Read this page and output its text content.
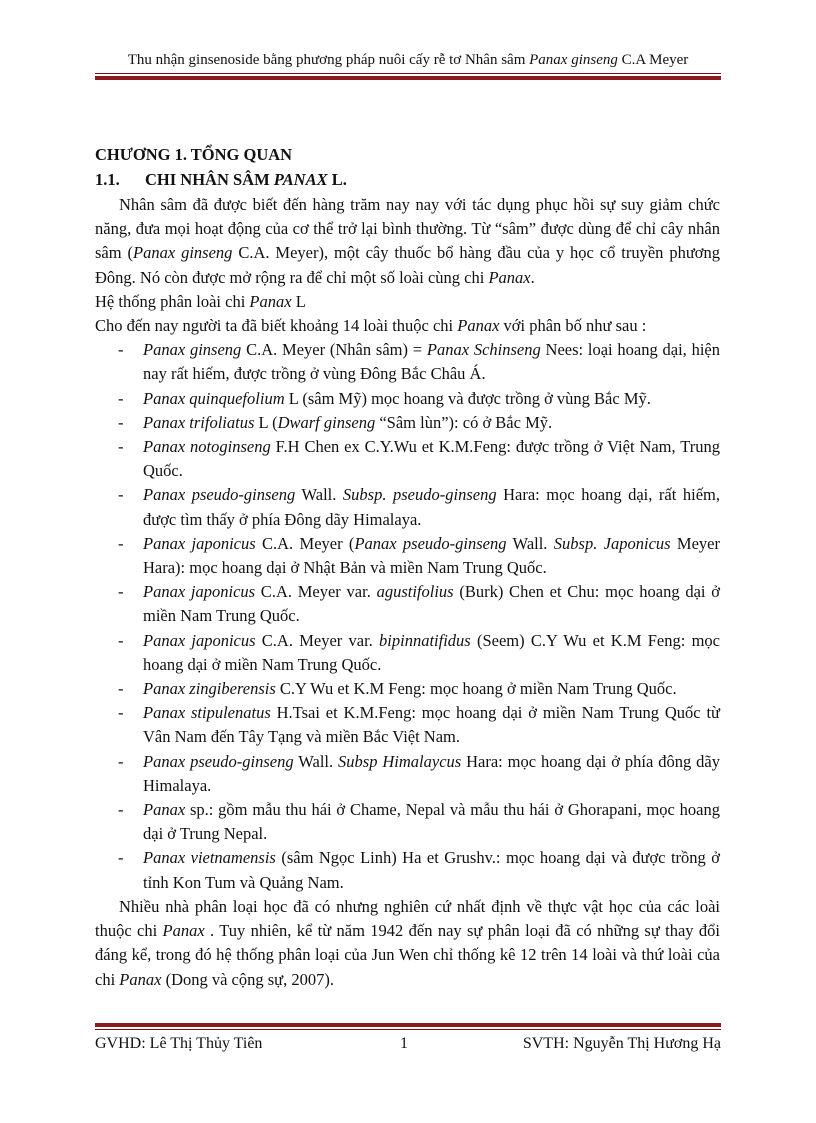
Thu nhận ginsenoside bằng phương pháp nuôi cấy rễ tơ Nhân sâm Panax ginseng C.A Meyer

CHƯƠNG 1. TỔNG QUAN

1.1. CHI NHÂN SÂM PANAX L.

Nhân sâm đã được biết đến hàng trăm nay nay với tác dụng phục hồi sự suy giảm chức năng, đưa mọi hoạt động của cơ thể trở lại bình thường. Từ “sâm” được dùng để chỉ cây nhân sâm (Panax ginseng C.A. Meyer), một cây thuốc bổ hàng đầu của y học cổ truyền phương Đông. Nó còn được mở rộng ra để chỉ một số loài cùng chi Panax.

Hệ thống phân loài chi Panax L

Cho đến nay người ta đã biết khoảng 14 loài thuộc chi Panax với phân bố như sau :

- Panax ginseng C.A. Meyer (Nhân sâm) = Panax Schinseng Nees: loại hoang dại, hiện nay rất hiếm, được trồng ở vùng Đông Bắc Châu Á.
- Panax quinquefolium L (sâm Mỹ) mọc hoang và được trồng ở vùng Bắc Mỹ.
- Panax trifoliatus L (Dwarf ginseng “Sâm lùn”): có ở Bắc Mỹ.
- Panax notoginseng F.H Chen ex C.Y.Wu et K.M.Feng: được trồng ở Việt Nam, Trung Quốc.
- Panax pseudo-ginseng Wall. Subsp. pseudo-ginseng Hara: mọc hoang dại, rất hiếm, được tìm thấy ở phía Đông dãy Himalaya.
- Panax japonicus C.A. Meyer (Panax pseudo-ginseng Wall. Subsp. Japonicus Meyer Hara): mọc hoang dại ở Nhật Bản và miền Nam Trung Quốc.
- Panax japonicus C.A. Meyer var. agustifolius (Burk) Chen et Chu: mọc hoang dại ở miền Nam Trung Quốc.
- Panax japonicus C.A. Meyer var. bipinnatifidus (Seem) C.Y Wu et K.M Feng: mọc hoang dại ở miền Nam Trung Quốc.
- Panax zingiberensis C.Y Wu et K.M Feng: mọc hoang ở miền Nam Trung Quốc.
- Panax stipulenatus H.Tsai et K.M.Feng: mọc hoang dại ở miền Nam Trung Quốc từ Vân Nam đến Tây Tạng và miền Bắc Việt Nam.
- Panax pseudo-ginseng Wall. Subsp Himalaycus Hara: mọc hoang dại ở phía đông dãy Himalaya.
- Panax sp.: gồm mẫu thu hái ở Chame, Nepal và mẫu thu hái ở Ghorapani, mọc hoang dại ở Trung Nepal.
- Panax vietnamensis (sâm Ngọc Linh) Ha et Grushv.: mọc hoang dại và được trồng ở tỉnh Kon Tum và Quảng Nam.

Nhiều nhà phân loại học đã có nhưng nghiên cứ nhất định về thực vật học của các loài thuộc chi Panax . Tuy nhiên, kể từ năm 1942 đến nay sự phân loại đã có những sự thay đổi đáng kể, trong đó hệ thống phân loại của Jun Wen chỉ thống kê 12 trên 14 loài và thứ loài của chi Panax (Dong và cộng sự, 2007).

GVHD: Lê Thị Thủy Tiên	1	SVTH: Nguyễn Thị Hương Hạ
